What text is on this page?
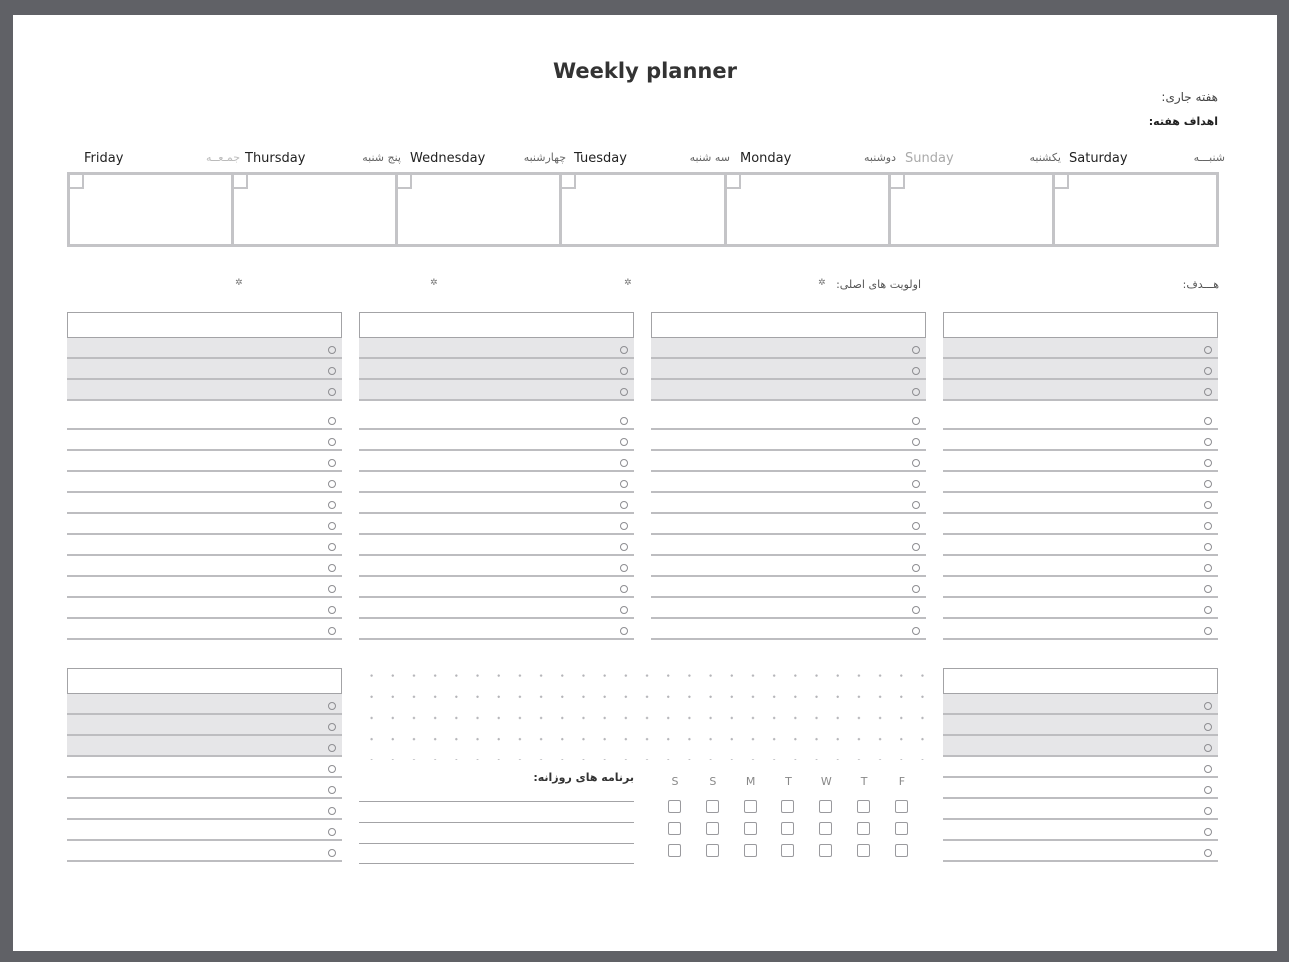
Weekly planner
هفته جاری:
اهداف هفته:
Friday	جمـعــه Thursday	پنج شنبه Wednesday	چهارشنبه Tuesday	سه شنبه Monday	دوشنبه Sunday	یکشنبه Saturday	شنبـــه
هـــدف:
اولویت های اصلی:
✲
✲
✲
✲
برنامه های روزانه:	S	S	M	T	W	T	F
